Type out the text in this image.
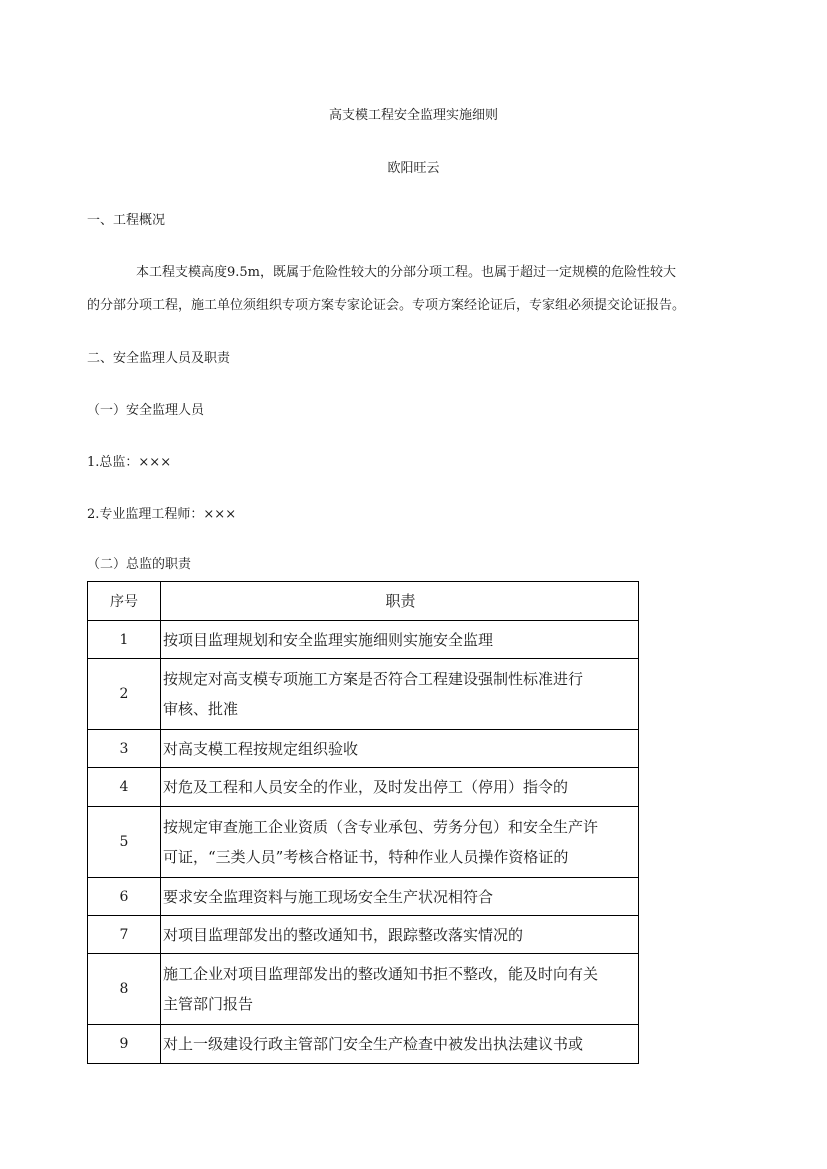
高支模工程安全监理实施细则
欧阳旺云
一、工程概况
本工程支模高度9.5m，既属于危险性较大的分部分项工程。也属于超过一定规模的危险性较大
的分部分项工程，施工单位须组织专项方案专家论证会。专项方案经论证后，专家组必须提交论证报告。
二、安全监理人员及职责
（一）安全监理人员
1.总监：×××
2.专业监理工程师：×××
（二）总监的职责
序号	职责
1	按项目监理规划和安全监理实施细则实施安全监理

2	按规定对高支模专项施工方案是否符合工程建设强制性标准进行
审核、批准

3	对高支模工程按规定组织验收

4	对危及工程和人员安全的作业，及时发出停工（停用）指令的

5	按规定审查施工企业资质（含专业承包、劳务分包）和安全生产许
可证，“三类人员”考核合格证书，特种作业人员操作资格证的

6	要求安全监理资料与施工现场安全生产状况相符合

7	对项目监理部发出的整改通知书，跟踪整改落实情况的

8	施工企业对项目监理部发出的整改通知书拒不整改，能及时向有关
主管部门报告

9	对上一级建设行政主管部门安全生产检查中被发出执法建议书或
